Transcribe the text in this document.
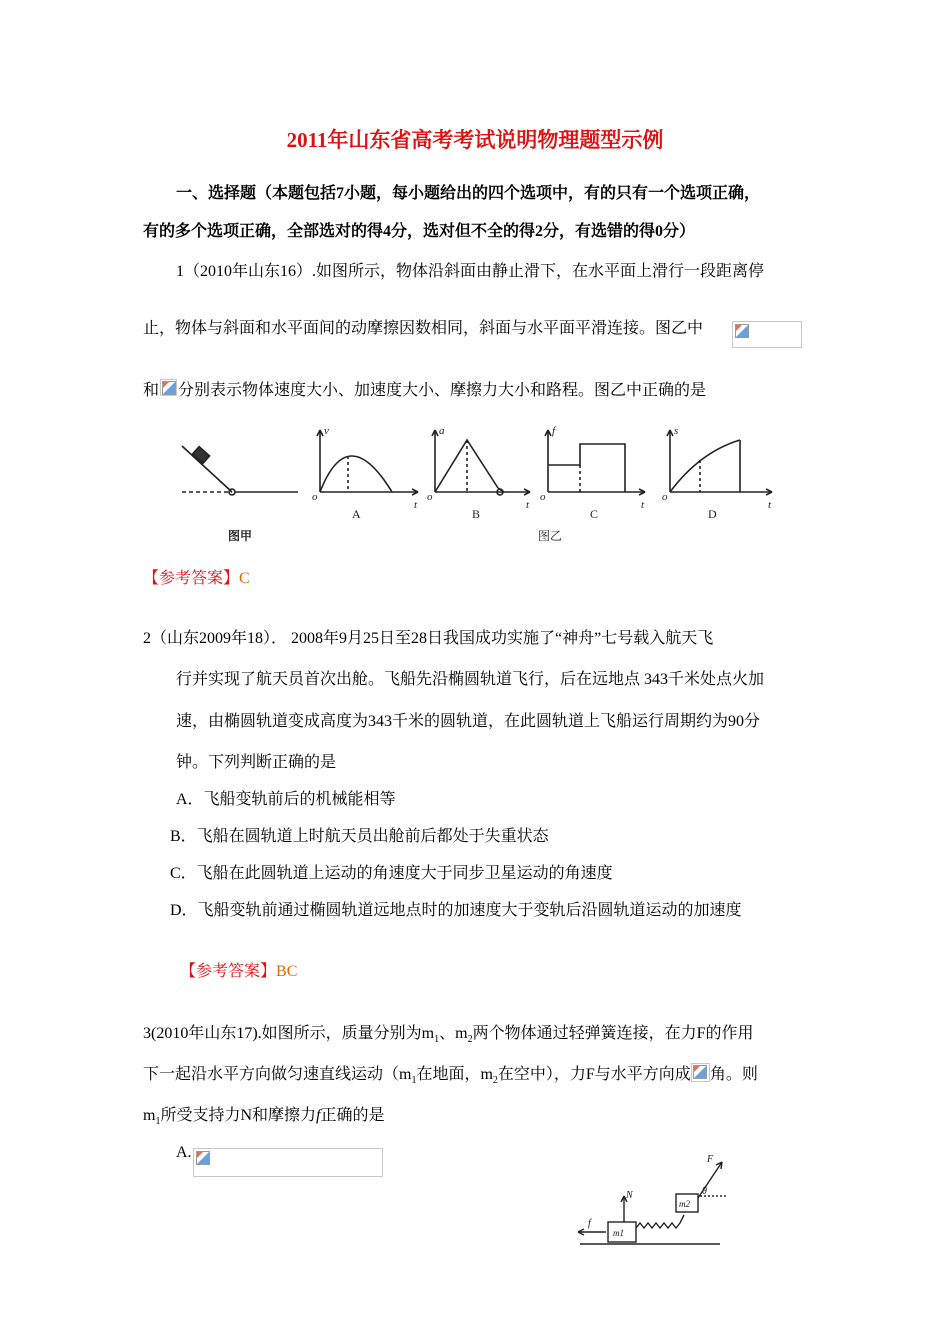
2011年山东省高考考试说明物理题型示例
一、选择题（本题包括7小题，每小题给出的四个选项中，有的只有一个选项正确，
有的多个选项正确，全部选对的得4分，选对但不全的得2分，有选错的得0分）
1（2010年山东16）.如图所示，物体沿斜面由静止滑下，在水平面上滑行一段距离停
止，物体与斜面和水平面间的动摩擦因数相同，斜面与水平面平滑连接。图乙中
和 分别表示物体速度大小、加速度大小、摩擦力大小和路程。图乙中正确的是
v	a	f	s
o	o	o	o
t	t	t	t
A	B	C	D
图甲	图乙
【参考答案】C
2（山东2009年18）． 2008年9月25日至28日我国成功实施了“神舟”七号载入航天飞
行并实现了航天员首次出舱。飞船先沿椭圆轨道飞行，后在远地点 343千米处点火加
速，由椭圆轨道变成高度为343千米的圆轨道，在此圆轨道上飞船运行周期约为90分
钟。下列判断正确的是
A．飞船变轨前后的机械能相等
B．飞船在圆轨道上时航天员出舱前后都处于失重状态
C．飞船在此圆轨道上运动的角速度大于同步卫星运动的角速度
D．飞船变轨前通过椭圆轨道远地点时的加速度大于变轨后沿圆轨道运动的加速度
【参考答案】BC
3(2010年山东17).如图所示，质量分别为$m_1$、$m_2$两个物体通过轻弹簧连接，在力F的作用
下一起沿水平方向做匀速直线运动（$m_1$在地面，$m_2$在空中），力F与水平方向成 角。则
$m_1$所受支持力N和摩擦力f正确的是
A.	F
N
f
θ
m1
m2
